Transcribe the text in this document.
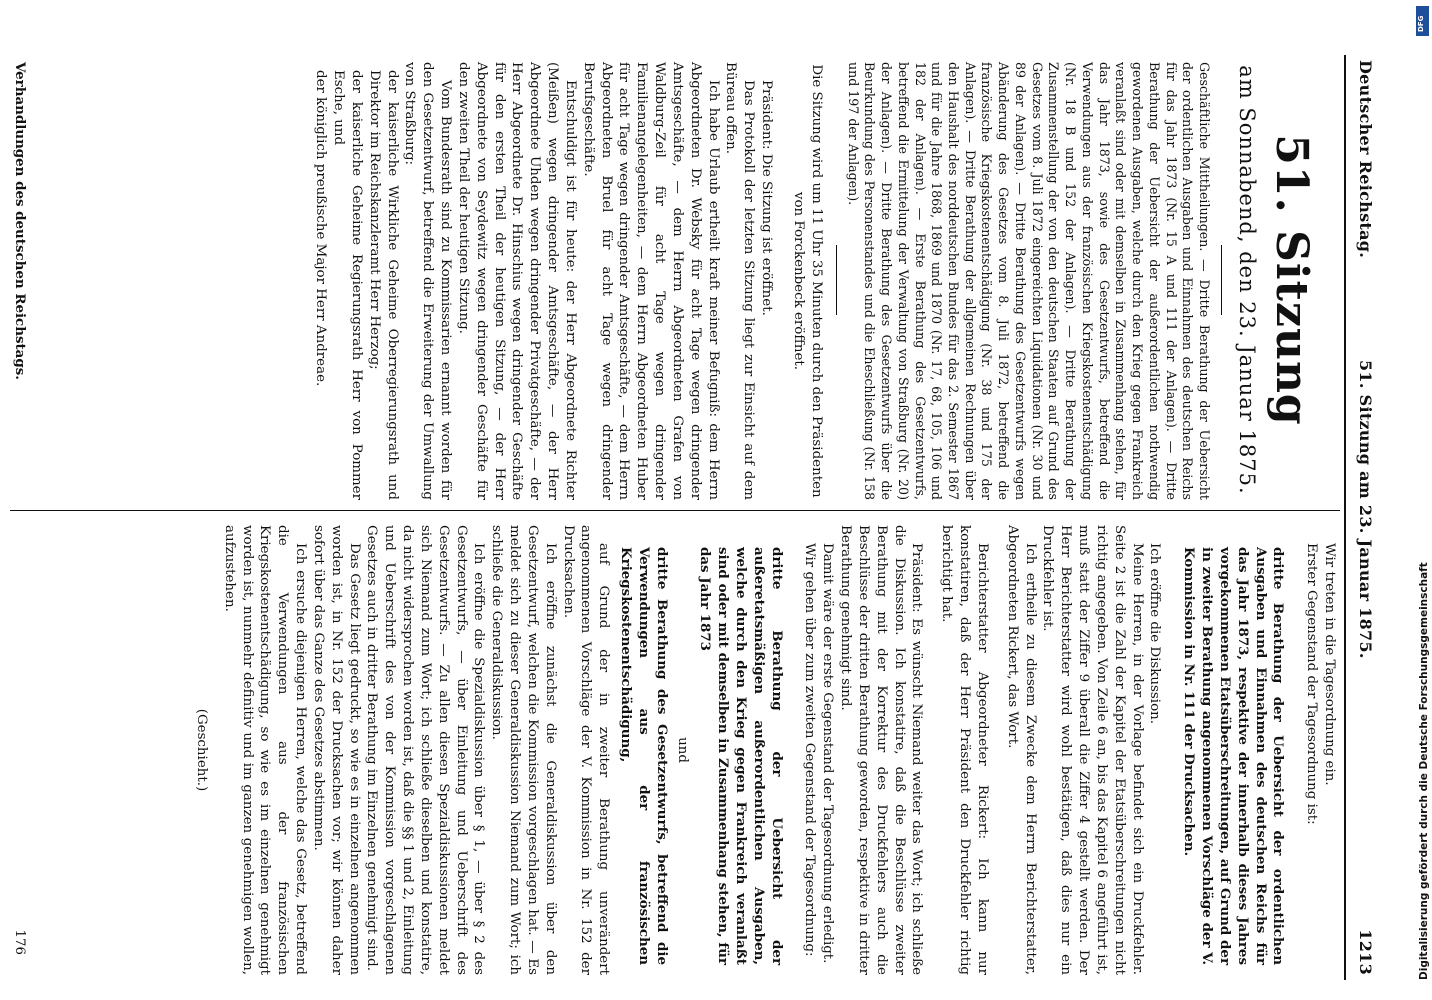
Deutscher Reichstag.
51. Sitzung am 23. Januar 1875.
1213
51. Sitzung
am Sonnabend, den 23. Januar 1875.
Geschäftliche Mittheilungen. — Dritte Berathung der Uebersicht der ordentlichen Ausgaben und Einnahmen des deutschen Reichs für das Jahr 1873 (Nr. 15 A und 111 der Anlagen). — Dritte Berathung der Uebersicht der außerordentlichen nothwendig gewordenen Ausgaben, welche durch den Krieg gegen Frankreich veranlaßt sind oder mit demselben in Zusammenhang stehen, für das Jahr 1873, sowie des Gesetzentwurfs, betreffend die Verwendungen aus der französischen Kriegskostenentschädigung (Nr. 18 B und 152 der Anlagen). — Dritte Berathung der Zusammenstellung der von den deutschen Staaten auf Grund des Gesetzes vom 8. Juli 1872 eingereichten Liquidationen (Nr. 30 und 89 der Anlagen). — Dritte Berathung des Gesetzentwurfs wegen Abänderung des Gesetzes vom 8. Juli 1872, betreffend die französische Kriegskostenentschädigung (Nr. 38 und 175 der Anlagen). — Dritte Berathung der allgemeinen Rechnungen über den Haushalt des norddeutschen Bundes für das 2. Semester 1867 und für die Jahre 1868, 1869 und 1870 (Nr. 17, 68, 105, 106 und 182 der Anlagen). — Erste Berathung des Gesetzentwurfs, betreffend die Ermittelung der Verwaltung von Straßburg (Nr. 20) der Anlagen). — Dritte Berathung des Gesetzentwurfs über die Beurkundung des Personenstandes und die Eheschließung (Nr. 158 und 197 der Anlagen).
Die Sitzung wird um 11 Uhr 35 Minuten durch den Präsidenten von Forckenbeck eröffnet.

Präsident: Die Sitzung ist eröffnet.

Das Protokoll der letzten Sitzung liegt zur Einsicht auf dem Büreau offen.

Ich habe Urlaub ertheilt kraft meiner Befugniß: dem Herrn Abgeordneten Dr. Websky für acht Tage wegen dringender Amtsgeschäfte, — dem Herrn Abgeordneten Grafen von Waldburg-Zeil für acht Tage wegen dringender Familienangelegenheiten, — dem Herrn Abgeordneten Huber für acht Tage wegen dringender Amtsgeschäfte, — dem Herrn Abgeordneten Bruel für acht Tage wegen dringender Berufsgeschäfte.

Entschuldigt ist für heute: der Herr Abgeordnete Richter (Meißen) wegen dringender Amtsgeschäfte, — der Herr Abgeordnete Uhden wegen dringender Privatgeschäfte, — der Herr Abgeordnete Dr. Hinschius wegen dringender Geschäfte für den ersten Theil der heutigen Sitzung, — der Herr Abgeordnete von Seydewitz wegen dringender Geschäfte für den zweiten Theil der heutigen Sitzung.

Vom Bundesrath sind zu Kommissarien ernannt worden für den Gesetzentwurf, betreffend die Erweiterung der Umwallung von Straßburg:

der kaiserliche Wirkliche Geheime Oberregierungsrath und Direktor im Reichskanzleramt Herr Herzog;

der kaiserliche Geheime Regierungsrath Herr von Pommer Esche, und

der königlich preußische Major Herr Andreae.

Verhandlungen des deutschen Reichstags.

Wir treten in die Tagesordnung ein.

Erster Gegenstand der Tagesordnung ist:

dritte Berathung der Uebersicht der ordentlichen Ausgaben und Einnahmen des deutschen Reichs für das Jahr 1873, respektive der innerhalb dieses Jahres vorgekommenen Etatsüberschreitungen, auf Grund der in zweiter Berathung angenommenen Vorschläge der V. Kommission in Nr. 111 der Drucksachen.

Ich eröffne die Diskussion.

Meine Herren, in der Vorlage befindet sich ein Druckfehler. Seite 2 ist die Zahl der Kapitel der Etatsüberschreitungen nicht richtig angegeben. Von Zeile 6 an, bis das Kapitel 6 angeführt ist, muß statt der Ziffer 9 überall die Ziffer 4 gestellt werden. Der Herr Berichterstatter wird wohl bestätigen, daß dies nur ein Druckfehler ist.

Ich ertheile zu diesem Zwecke dem Herrn Berichterstatter, Abgeordneten Rickert, das Wort.

Berichterstatter Abgeordneter Rickert: Ich kann nur konstatiren, daß der Herr Präsident den Druckfehler richtig berichtigt hat.

Präsident: Es wünscht Niemand weiter das Wort; ich schließe die Diskussion. Ich konstatire, daß die Beschlüsse zweiter Berathung mit der Korrektur des Druckfehlers auch die Beschlüsse der dritten Berathung geworden, respektive in dritter Berathung genehmigt sind.

Damit wäre der erste Gegenstand der Tagesordnung erledigt.

Wir gehen über zum zweiten Gegenstand der Tagesordnung:

dritte Berathung der Uebersicht der außeretatsmäßigen außerordentlichen Ausgaben, welche durch den Krieg gegen Frankreich veranlaßt sind oder mit demselben in Zusammenhang stehen, für das Jahr 1873

und

dritte Berathung des Gesetzentwurfs, betreffend die Verwendungen aus der französischen Kriegskostenentschädigung,

auf Grund der in zweiter Berathung unverändert angenommenen Vorschläge der V. Kommission in Nr. 152 der Drucksachen.

Ich eröffne zunächst die Generaldiskussion über den Gesetzentwurf, welchen die Kommission vorgeschlagen hat. — Es meldet sich zu dieser Generaldiskussion Niemand zum Wort; ich schließe die Generaldiskussion.

Ich eröffne die Spezialdiskussion über § 1, — über § 2 des Gesetzentwurfs, — über Einleitung und Ueberschrift des Gesetzentwurfs. — Zu allen diesen Spezialdiskussionen meldet sich Niemand zum Wort; ich schließe dieselben und konstatire, da nicht widersprochen worden ist, daß die §§ 1 und 2, Einleitung und Ueberschrift des von der Kommission vorgeschlagenen Gesetzes auch in dritter Berathung im Einzelnen genehmigt sind.

Das Gesetz liegt gedruckt, so wie es in einzelnen angenommen worden ist, in Nr. 152 der Drucksachen vor; wir können daher sofort über das Ganze des Gesetzes abstimmen.

Ich ersuche diejenigen Herren, welche das Gesetz, betreffend die Verwendungen aus der französischen Kriegskostenentschädigung, so wie es im einzelnen genehmigt worden ist, nunmehr definitiv und im ganzen genehmigen wollen, aufzustehen.

(Geschieht.)

176
DFG
Digitalisierung gefördert durch die Deutsche Forschungsgemeinschaft
